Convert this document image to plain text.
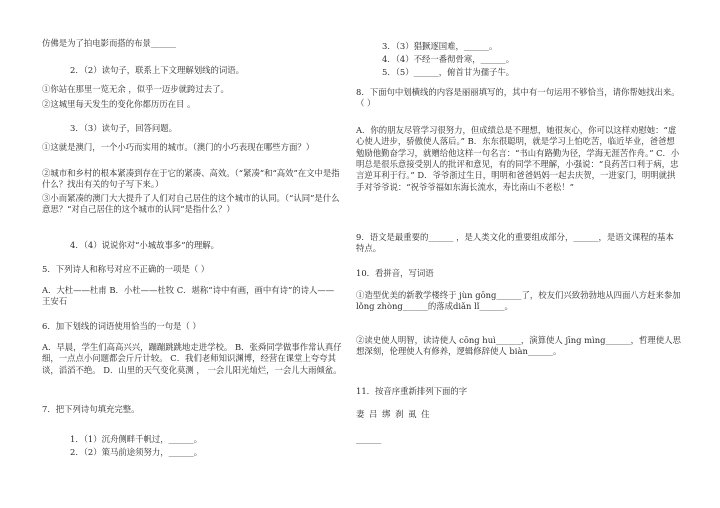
仿佛是为了拍电影而搭的布景______
2．（2）读句子，联系上下文理解划线的词语。
①你站在那里一览无余 ，似乎一迈步就跨过去了。
②这城里每天发生的变化你都历历在目 。
3．（3）读句子，回答问题。
①这就是澳门，一个小巧而实用的城市。（澳门的小巧表现在哪些方面？）
②城市和乡村的根本紧凑到存在于它的紧凑、高效。（“紧凑”和“高效”在文中是指什么？找出有关的句子写下来。）
③小而紧凑的澳门大大提升了人们对自己居住的这个城市的认同。（“认同”是什么意思？“对自己居住的这个城市的认同”是指什么？）
4．（4）说说你对“小城故事多”的理解。
5．下列诗人和称号对应不正确的一项是（ ）
A．大杜——杜甫 B．小杜——杜牧 C．堪称“诗中有画，画中有诗”的诗人——王安石
6．加下划线的词语使用恰当的一句是（ ）
A．早晨，学生们高高兴兴，蹦蹦跳跳地走进学校。 B．张舜同学做事作常认真仔细，一点点小问题都会斤斤计较。 C．我们老师知识渊博，经营在课堂上夸夸其谈，滔滔不绝。 D．山里的天气变化莫测 ， 一会儿阳光灿烂，一会儿大雨倾盆。
7．把下列诗句填充完整。
1．（1）沉舟侧畔千帆过，______。
2．（2）策马前途须努力，______。
3．（3）猖獗逐国难，______。
4．（4）不经一番彻骨寒，______。
5．（5）______，俯首甘为孺子牛。
8．下面句中划横线的内容是丽丽填写的，其中有一句运用不够恰当，请你帮她找出来。（ ）
A．你的朋友尽管学习很努力，但成绩总是不理想，她很灰心，你可以这样劝慰她：“虚心使人进步，骄傲使人落后。” B．东东很聪明，就是学习上怕吃苦，临近毕业，爸爸想勉励他勤奋学习，就赠给他这样一句名言：“书山有路勤为径，学海无涯苦作舟。” C．小明总是很乐意接受别人的批评和意见，有的同学不理解，小强说：“良药苦口利于病，忠言逆耳利于行。” D．爷爷浙过生日，明明和爸爸妈妈一起去庆贺，一进家门，明明就拱手对爷爷说：“祝爷爷福如东海长流水，寿比南山不老松！”
9．语文是最重要的______ ，是人类文化的重要组成部分，______，是语文课程的基本特点。
10．看拼音，写词语
①造型优美的新教学楼终于 jùn gōng______了，校友们兴致勃勃地从四面八方赶来参加lǒng zhòng______的落成diǎn lǐ______。
②读史使人明智，读诗使人 cōng huì______，演算使人 jīng mìng______，哲理使人思想深刻，伦理使人有修养，逻辑修辞使人 biàn______。
11．按音序重新排列下面的字
妻 吕 绑 刹 虱 住
______
